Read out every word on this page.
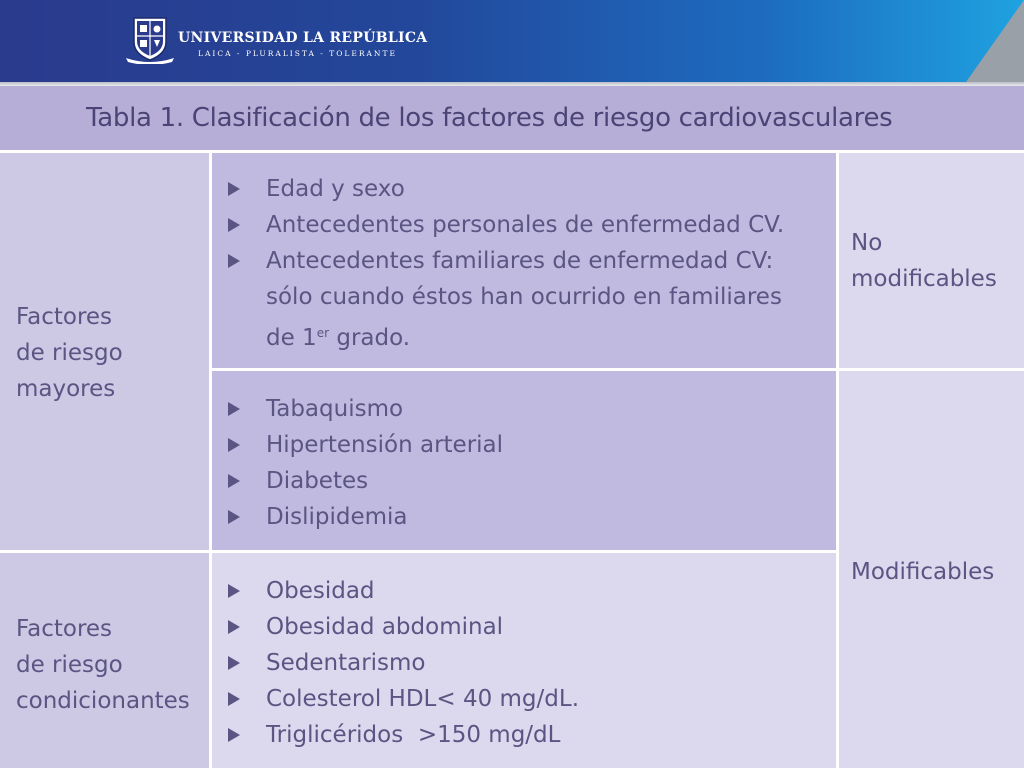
UNIVERSIDAD LA REPÚBLICA
LAICA - PLURALISTA - TOLERANTE
Tabla 1. Clasificación de los factores de riesgo cardiovasculares
Factores
de riesgo
mayores
Factores
de riesgo
condicionantes
Edad y sexo
Antecedentes personales de enfermedad CV.
Antecedentes familiares de enfermedad CV:
sólo cuando éstos han ocurrido en familiares
de 1er grado.
Tabaquismo
Hipertensión arterial
Diabetes
Dislipidemia
Obesidad
Obesidad abdominal
Sedentarismo
Colesterol HDL< 40 mg/dL.
Triglicéridos  >150 mg/dL
No
modificables
Modificables
